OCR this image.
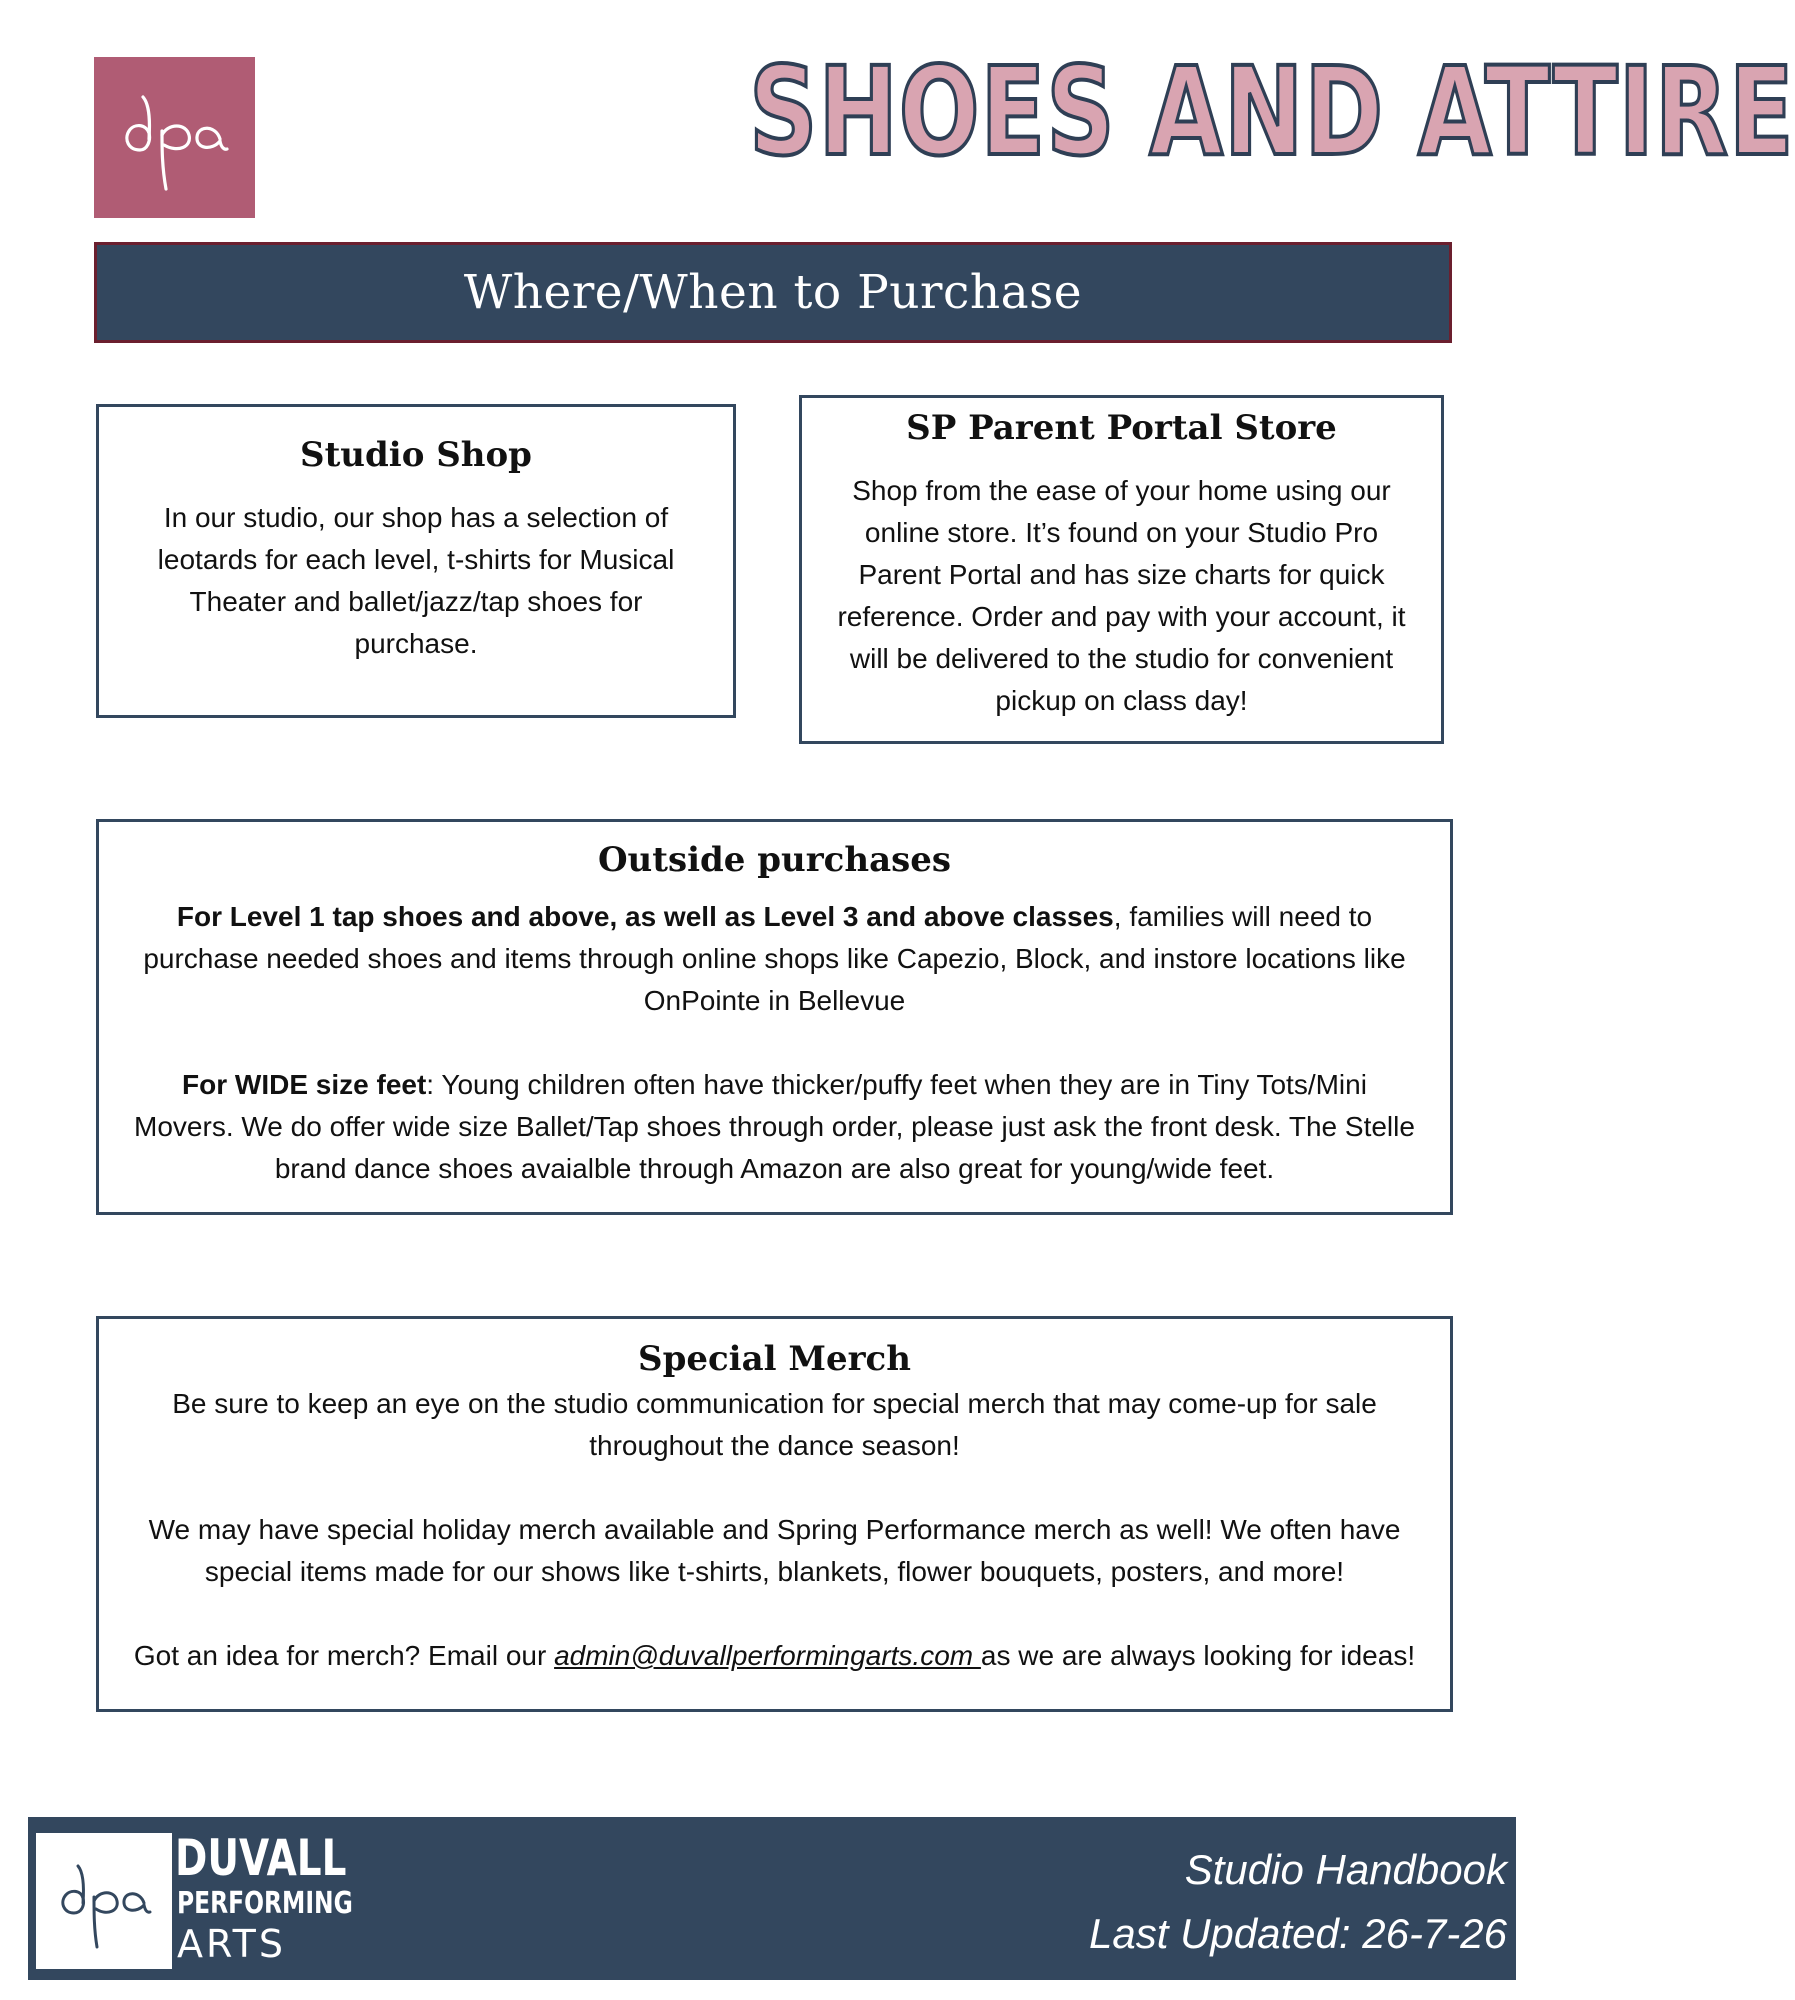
SHOES AND ATTIRE
Where/When to Purchase
Studio Shop

In our studio, our shop has a selection of leotards for each level, t-shirts for Musical Theater and ballet/jazz/tap shoes for purchase.

SP Parent Portal Store

Shop from the ease of your home using our online store. It’s found on your Studio Pro Parent Portal and has size charts for quick reference. Order and pay with your account, it will be delivered to the studio for convenient pickup on class day!

Outside purchases

For Level 1 tap shoes and above, as well as Level 3 and above classes, families will need to purchase needed shoes and items through online shops like Capezio, Block, and instore locations like OnPointe in Bellevue

For WIDE size feet: Young children often have thicker/puffy feet when they are in Tiny Tots/Mini Movers. We do offer wide size Ballet/Tap shoes through order, please just ask the front desk. The Stelle brand dance shoes avaialble through Amazon are also great for young/wide feet.

Special Merch

Be sure to keep an eye on the studio communication for special merch that may come-up for sale throughout the dance season!

We may have special holiday merch available and Spring Performance merch as well! We often have special items made for our shows like t-shirts, blankets, flower bouquets, posters, and more!

Got an idea for merch? Email our admin@duvallperformingarts.com as we are always looking for ideas!

DUVALL
PERFORMING
ARTS
Studio Handbook
Last Updated: 26-7-26
